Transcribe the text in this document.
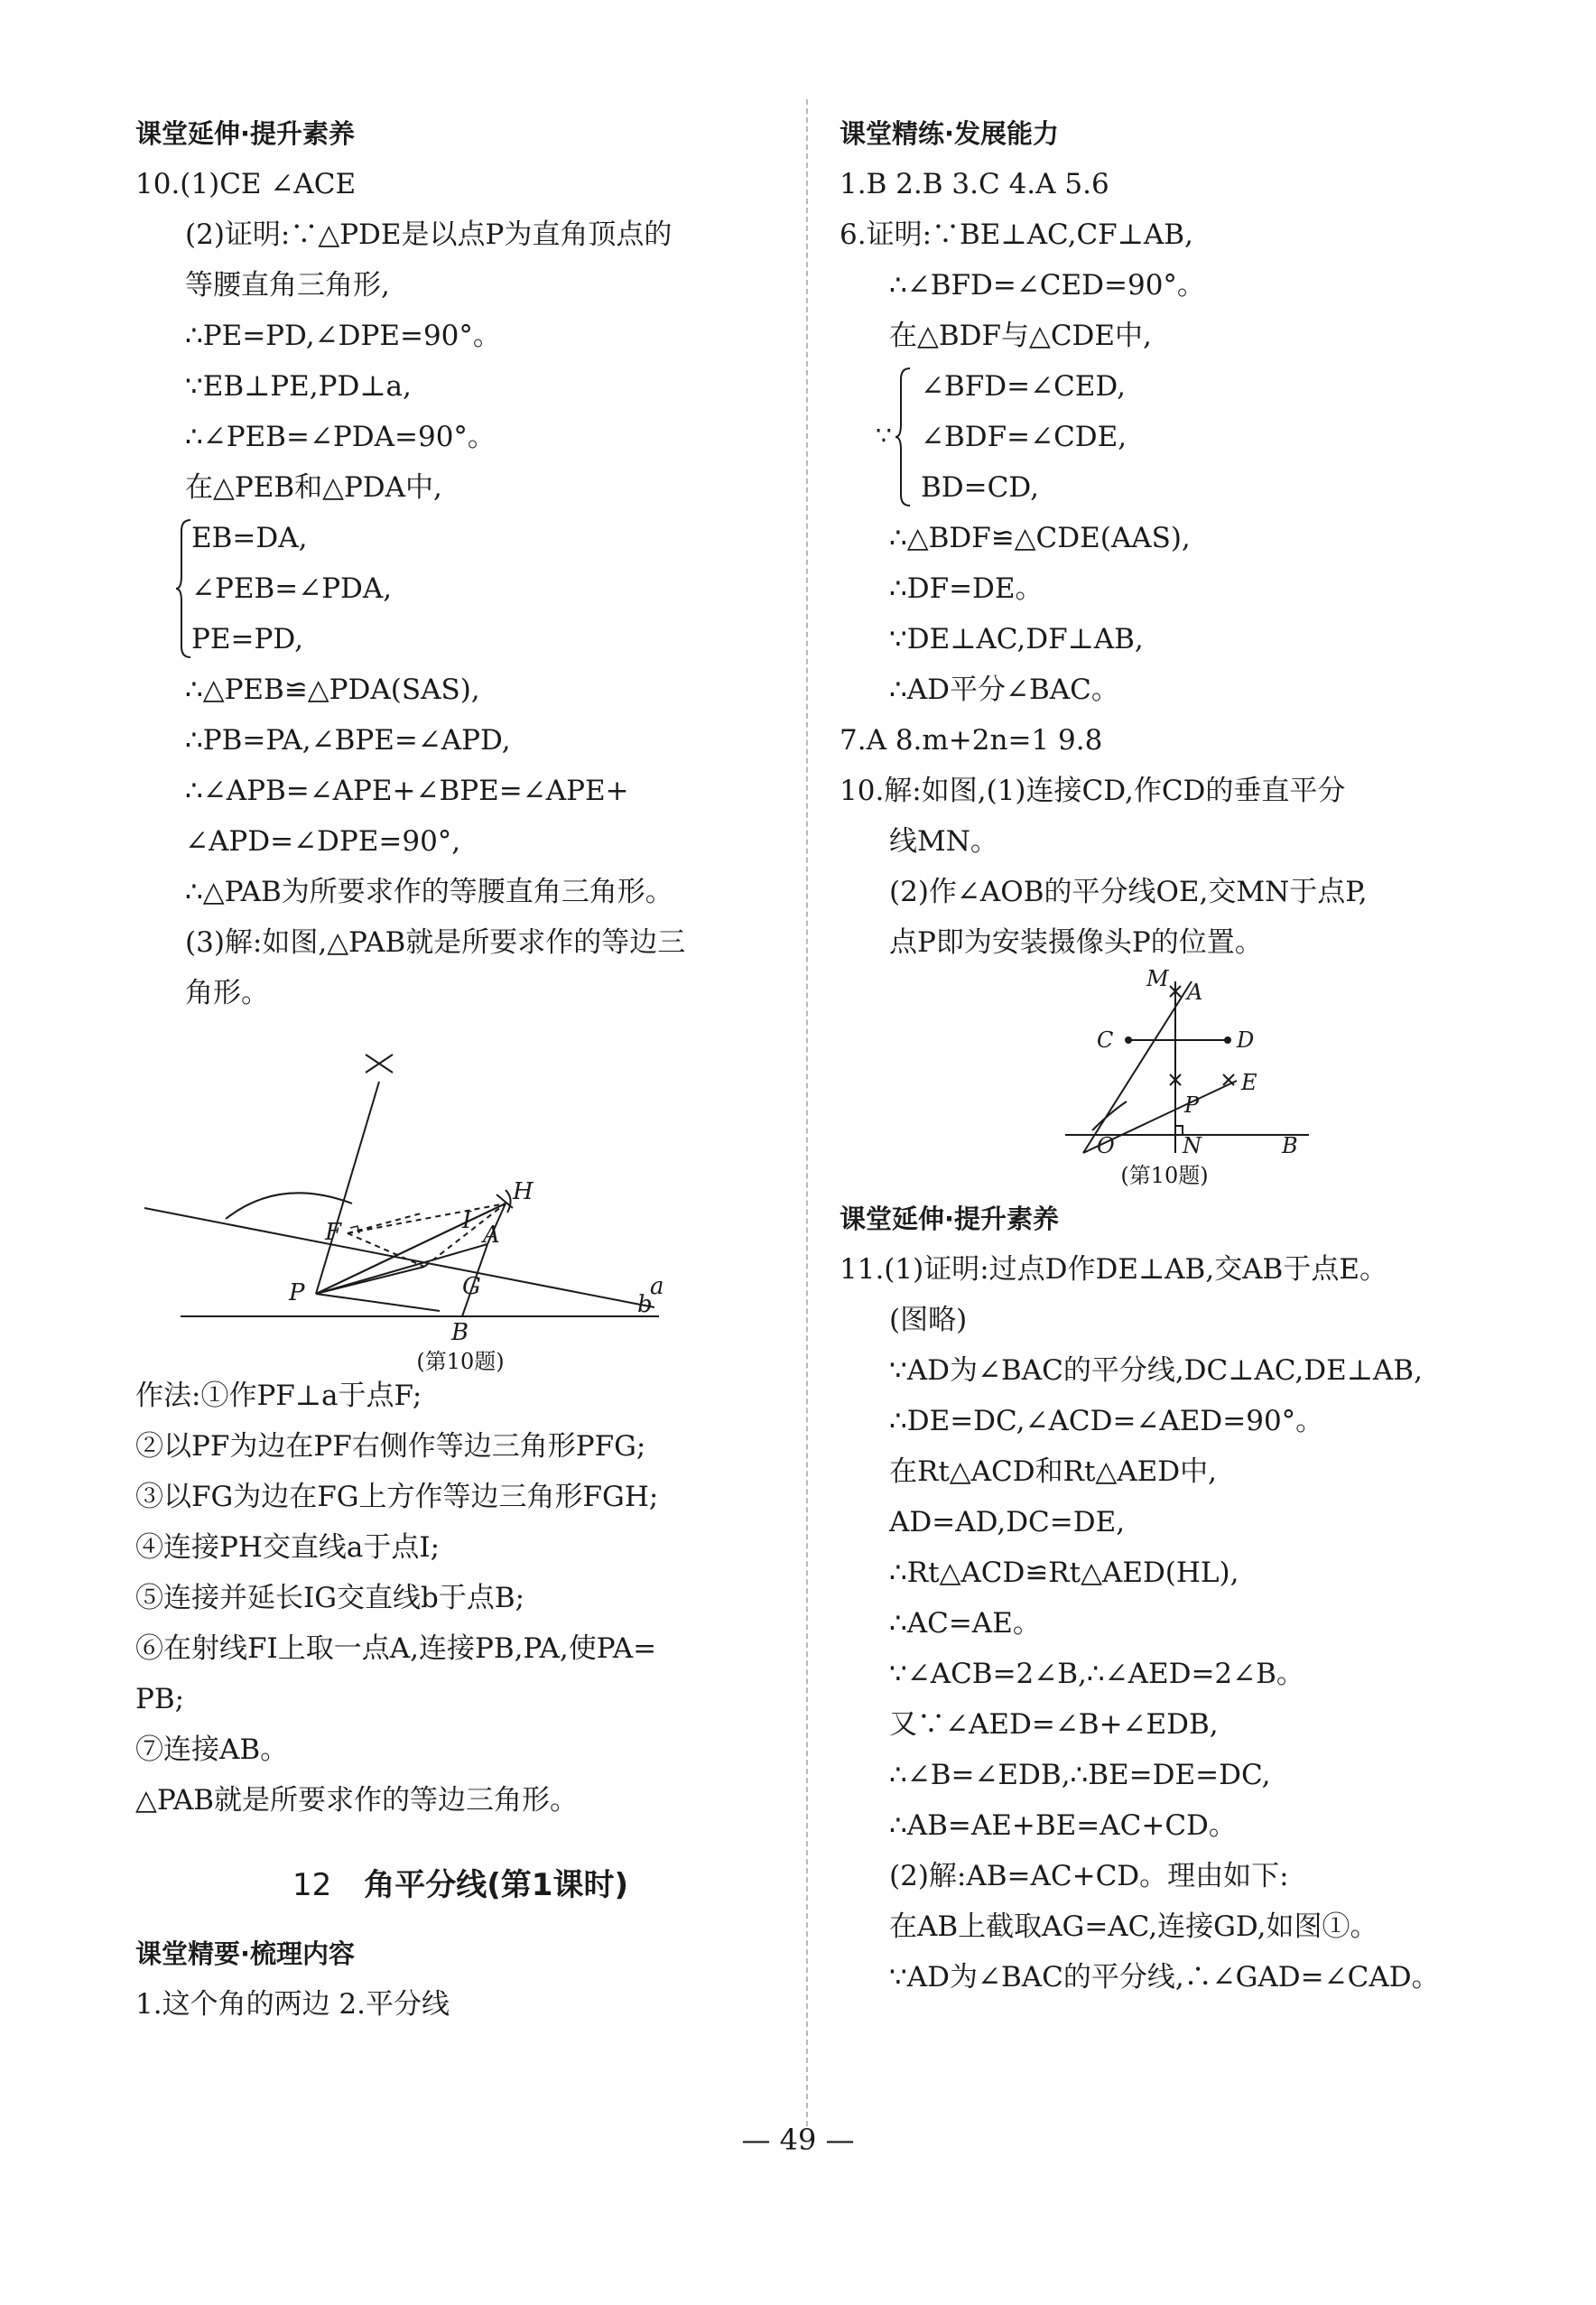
课堂延伸·提升素养
10.(1)CE ∠ACE
(2)证明:∵△PDE是以点P为直角顶点的
等腰直角三角形,
∴PE=PD,∠DPE=90°。
∵EB⊥PE,PD⊥a,
∴∠PEB=∠PDA=90°。
在△PEB和△PDA中,
EB=DA,
∠PEB=∠PDA,
PE=PD,
∴△PEB≌△PDA(SAS),
∴PB=PA,∠BPE=∠APD,
∴∠APB=∠APE+∠BPE=∠APE+
∠APD=∠DPE=90°,
∴△PAB为所要求作的等腰直角三角形。
(3)解:如图,△PAB就是所要求作的等边三
角形。
H
F	I
A
a
G
P	b
B
(第10题)
作法:①作PF⊥a于点F;
②以PF为边在PF右侧作等边三角形PFG;
③以FG为边在FG上方作等边三角形FGH;
④连接PH交直线a于点I;
⑤连接并延长IG交直线b于点B;
⑥在射线FI上取一点A,连接PB,PA,使PA=
PB;
⑦连接AB。
△PAB就是所要求作的等边三角形。
12 角平分线(第1课时)
课堂精要·梳理内容
1.这个角的两边 2.平分线
课堂精练·发展能力
1.B 2.B 3.C 4.A 5.6
6.证明:∵BE⊥AC,CF⊥AB,
∴∠BFD=∠CED=90°。
在△BDF与△CDE中,
∵
∠BFD=∠CED,
∠BDF=∠CDE,
BD=CD,
∴△BDF≌△CDE(AAS),
∴DF=DE。
∵DE⊥AC,DF⊥AB,
∴AD平分∠BAC。
7.A 8.m+2n=1 9.8
10.解:如图,(1)连接CD,作CD的垂直平分
线MN。
(2)作∠AOB的平分线OE,交MN于点P,
点P即为安装摄像头P的位置。
M
A
C	D
E
P
O	N	B
(第10题)
课堂延伸·提升素养
11.(1)证明:过点D作DE⊥AB,交AB于点E。
(图略)
∵AD为∠BAC的平分线,DC⊥AC,DE⊥AB,
∴DE=DC,∠ACD=∠AED=90°。
在Rt△ACD和Rt△AED中,
AD=AD,DC=DE,
∴Rt△ACD≌Rt△AED(HL),
∴AC=AE。
∵∠ACB=2∠B,∴∠AED=2∠B。
又∵∠AED=∠B+∠EDB,
∴∠B=∠EDB,∴BE=DE=DC,
∴AB=AE+BE=AC+CD。
(2)解:AB=AC+CD。理由如下:
在AB上截取AG=AC,连接GD,如图①。
∵AD为∠BAC的平分线,∴∠GAD=∠CAD。
— 49 —
